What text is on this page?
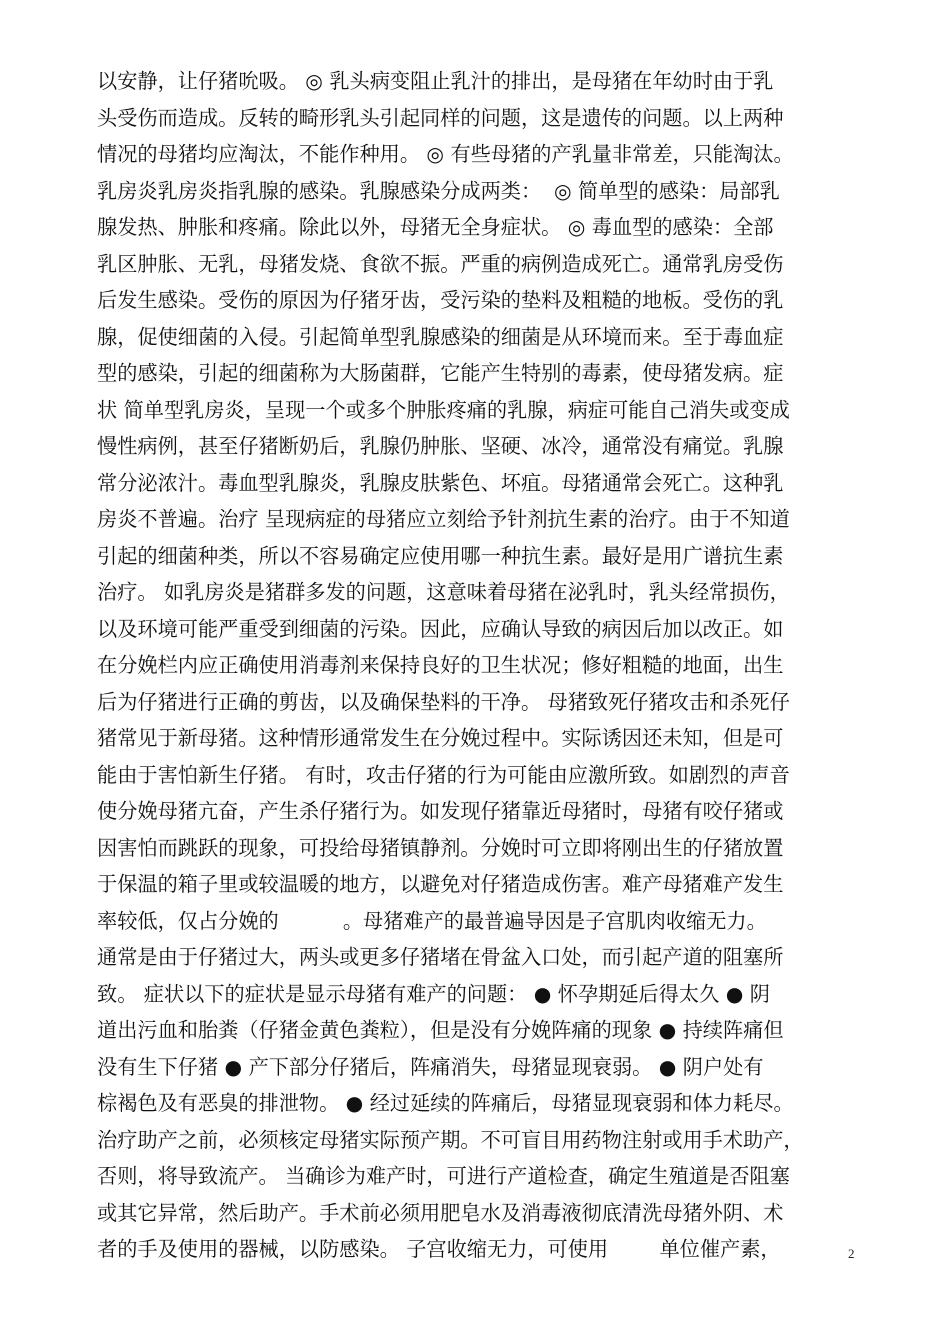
以安静，让仔猪吮吸。 ◎ 乳头病变阻止乳汁的排出，是母猪在年幼时由于乳
头受伤而造成。反转的畸形乳头引起同样的问题，这是遗传的问题。以上两种
情况的母猪均应淘汰，不能作种用。 ◎ 有些母猪的产乳量非常差，只能淘汰。
乳房炎乳房炎指乳腺的感染。乳腺感染分成两类：  ◎ 简单型的感染：局部乳
腺发热、肿胀和疼痛。除此以外，母猪无全身症状。 ◎ 毒血型的感染：全部
乳区肿胀、无乳，母猪发烧、食欲不振。严重的病例造成死亡。通常乳房受伤
后发生感染。受伤的原因为仔猪牙齿，受污染的垫料及粗糙的地板。受伤的乳
腺，促使细菌的入侵。引起简单型乳腺感染的细菌是从环境而来。至于毒血症
型的感染，引起的细菌称为大肠菌群，它能产生特别的毒素，使母猪发病。症
状 简单型乳房炎，呈现一个或多个肿胀疼痛的乳腺，病症可能自己消失或变成
慢性病例，甚至仔猪断奶后，乳腺仍肿胀、坚硬、冰冷，通常没有痛觉。乳腺
常分泌浓汁。毒血型乳腺炎，乳腺皮肤紫色、坏疽。母猪通常会死亡。这种乳
房炎不普遍。治疗 呈现病症的母猪应立刻给予针剂抗生素的治疗。由于不知道
引起的细菌种类，所以不容易确定应使用哪一种抗生素。最好是用广谱抗生素
治疗。 如乳房炎是猪群多发的问题，这意味着母猪在泌乳时，乳头经常损伤，
以及环境可能严重受到细菌的污染。因此，应确认导致的病因后加以改正。如
在分娩栏内应正确使用消毒剂来保持良好的卫生状况；修好粗糙的地面，出生
后为仔猪进行正确的剪齿，以及确保垫料的干净。 母猪致死仔猪攻击和杀死仔
猪常见于新母猪。这种情形通常发生在分娩过程中。实际诱因还未知，但是可
能由于害怕新生仔猪。 有时，攻击仔猪的行为可能由应激所致。如剧烈的声音
使分娩母猪亢奋，产生杀仔猪行为。如发现仔猪靠近母猪时，母猪有咬仔猪或
因害怕而跳跃的现象，可投给母猪镇静剂。分娩时可立即将刚出生的仔猪放置
于保温的箱子里或较温暖的地方，以避免对仔猪造成伤害。难产母猪难产发生
率较低，仅占分娩的          。母猪难产的最普遍导因是子宫肌肉收缩无力。
通常是由于仔猪过大，两头或更多仔猪堵在骨盆入口处，而引起产道的阻塞所
致。 症状以下的症状是显示母猪有难产的问题： ● 怀孕期延后得太久 ● 阴
道出污血和胎粪（仔猪金黄色粪粒），但是没有分娩阵痛的现象 ● 持续阵痛但
没有生下仔猪 ● 产下部分仔猪后，阵痛消失，母猪显现衰弱。 ● 阴户处有
棕褐色及有恶臭的排泄物。 ● 经过延续的阵痛后，母猪显现衰弱和体力耗尽。
治疗助产之前，必须核定母猪实际预产期。不可盲目用药物注射或用手术助产，
否则，将导致流产。 当确诊为难产时，可进行产道检查，确定生殖道是否阻塞
或其它异常，然后助产。手术前必须用肥皂水及消毒液彻底清洗母猪外阴、术
者的手及使用的器械，以防感染。 子宫收缩无力，可使用        单位催产素，	2
